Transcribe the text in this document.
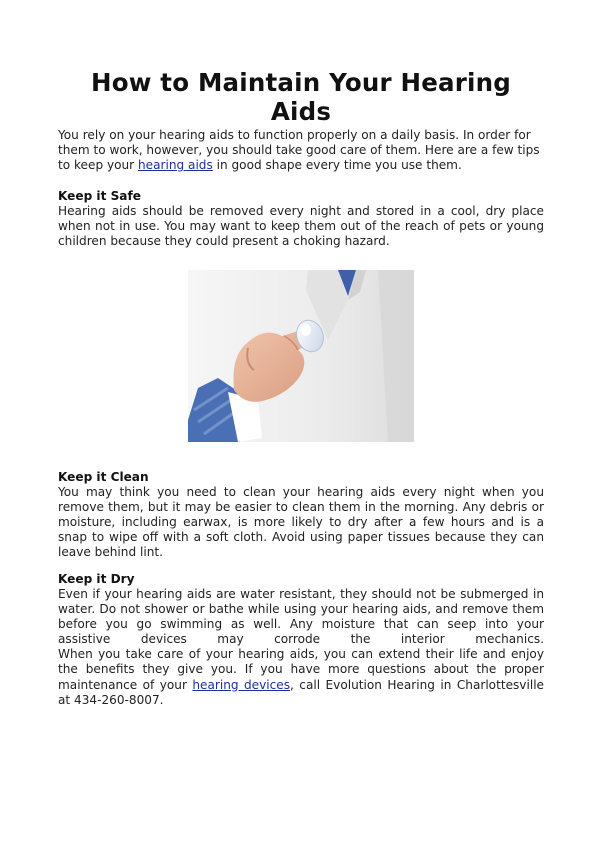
How to Maintain Your Hearing Aids

You rely on your hearing aids to function properly on a daily basis. In order for
them to work, however, you should take good care of them. Here are a few tips
to keep your hearing aids in good shape every time you use them.

Keep it Safe

Hearing aids should be removed every night and stored in a cool, dry place
when not in use. You may want to keep them out of the reach of pets or young
children because they could present a choking hazard.

Keep it Clean

You may think you need to clean your hearing aids every night when you
remove them, but it may be easier to clean them in the morning. Any debris or
moisture, including earwax, is more likely to dry after a few hours and is a
snap to wipe off with a soft cloth. Avoid using paper tissues because they can
leave behind lint.

Keep it Dry

Even if your hearing aids are water resistant, they should not be submerged in
water. Do not shower or bathe while using your hearing aids, and remove them
before you go swimming as well. Any moisture that can seep into your
assistive devices may corrode the interior mechanics.
When you take care of your hearing aids, you can extend their life and enjoy
the benefits they give you. If you have more questions about the proper
maintenance of your hearing devices, call Evolution Hearing in Charlottesville
at 434-260-8007.
